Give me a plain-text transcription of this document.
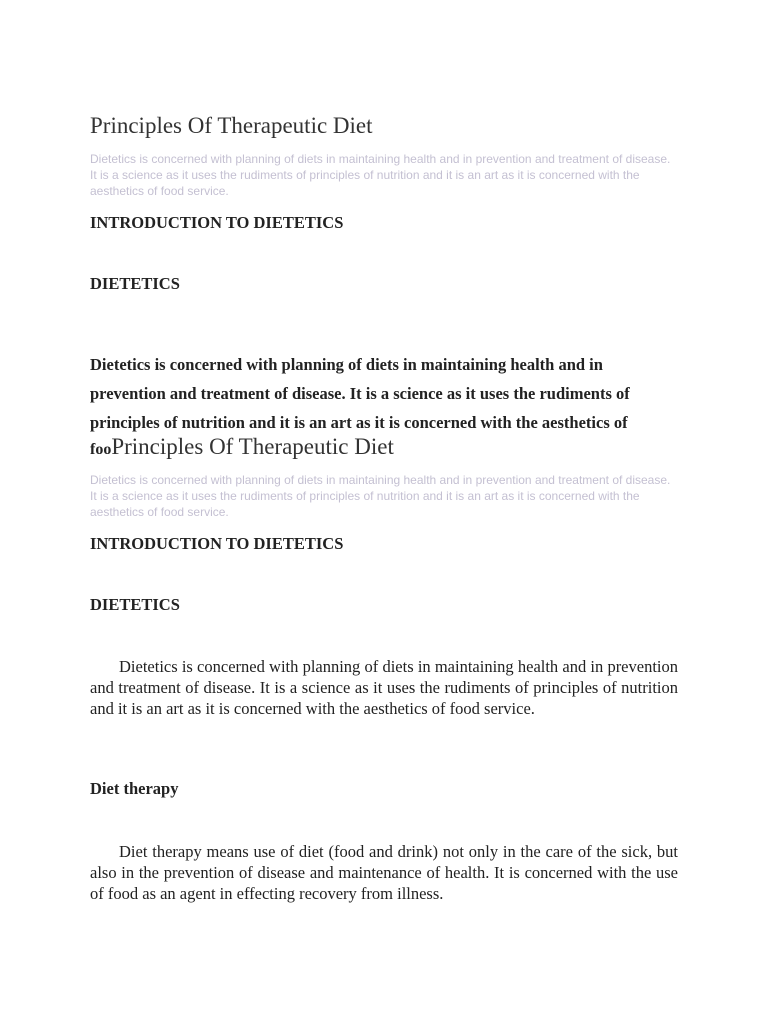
Principles Of Therapeutic Diet

Dietetics is concerned with planning of diets in maintaining health and in prevention and treatment of disease. It is a science as it uses the rudiments of principles of nutrition and it is an art as it is concerned with the aesthetics of food service.

INTRODUCTION TO DIETETICS
DIETETICS

Dietetics is concerned with planning of diets in maintaining health and in prevention and treatment of disease. It is a science as it uses the rudiments of principles of nutrition and it is an art as it is concerned with the aesthetics of

fooPrinciples Of Therapeutic Diet

Dietetics is concerned with planning of diets in maintaining health and in prevention and treatment of disease. It is a science as it uses the rudiments of principles of nutrition and it is an art as it is concerned with the aesthetics of food service.

INTRODUCTION TO DIETETICS
DIETETICS

Dietetics is concerned with planning of diets in maintaining health and in prevention and treatment of disease. It is a science as it uses the rudiments of principles of nutrition and it is an art as it is concerned with the aesthetics of food service.

Diet therapy

Diet therapy means use of diet (food and drink) not only in the care of the sick, but also in the prevention of disease and maintenance of health. It is concerned with the use of food as an agent in effecting recovery from illness.
